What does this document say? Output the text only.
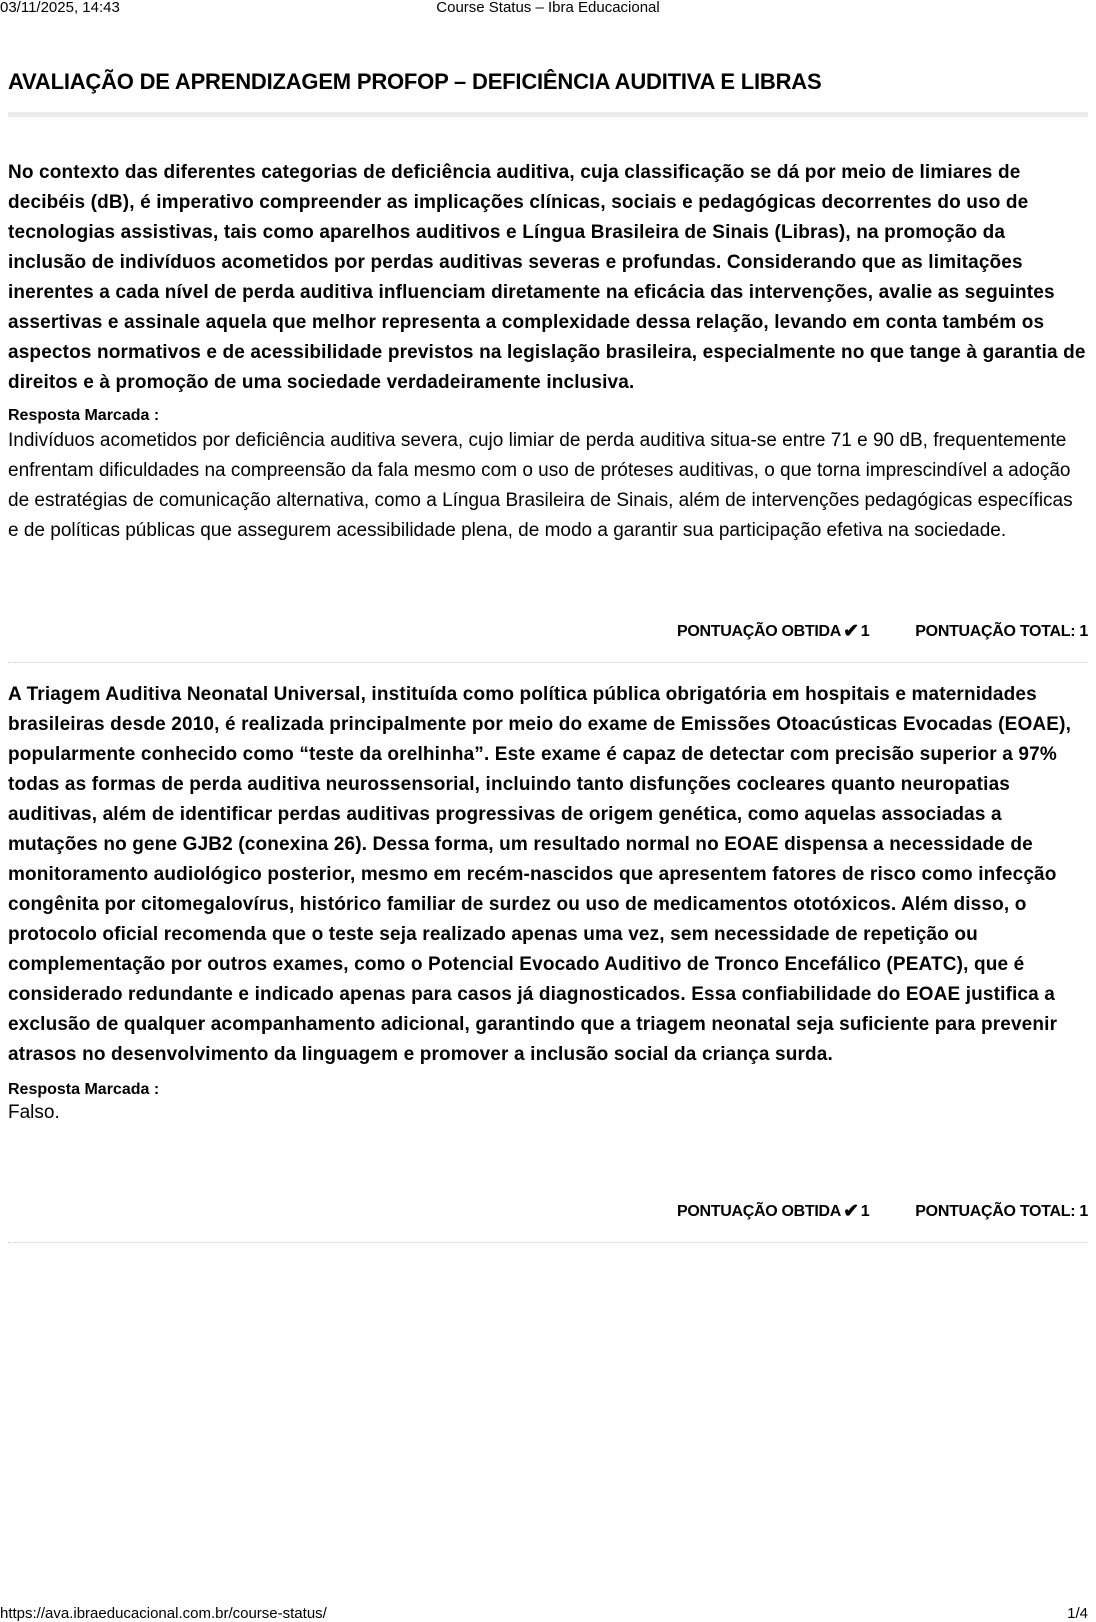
03/11/2025, 14:43	Course Status – Ibra Educacional
AVALIAÇÃO DE APRENDIZAGEM PROFOP – DEFICIÊNCIA AUDITIVA E LIBRAS

No contexto das diferentes categorias de deficiência auditiva, cuja classificação se dá por meio de limiares de decibéis (dB), é imperativo compreender as implicações clínicas, sociais e pedagógicas decorrentes do uso de tecnologias assistivas, tais como aparelhos auditivos e Língua Brasileira de Sinais (Libras), na promoção da inclusão de indivíduos acometidos por perdas auditivas severas e profundas. Considerando que as limitações inerentes a cada nível de perda auditiva influenciam diretamente na eficácia das intervenções, avalie as seguintes assertivas e assinale aquela que melhor representa a complexidade dessa relação, levando em conta também os aspectos normativos e de acessibilidade previstos na legislação brasileira, especialmente no que tange à garantia de direitos e à promoção de uma sociedade verdadeiramente inclusiva.

Resposta Marcada :

Indivíduos acometidos por deficiência auditiva severa, cujo limiar de perda auditiva situa-se entre 71 e 90 dB, frequentemente enfrentam dificuldades na compreensão da fala mesmo com o uso de próteses auditivas, o que torna imprescindível a adoção de estratégias de comunicação alternativa, como a Língua Brasileira de Sinais, além de intervenções pedagógicas específicas e de políticas públicas que assegurem acessibilidade plena, de modo a garantir sua participação efetiva na sociedade.

PONTUAÇÃO OBTIDA ✔ 1	PONTUAÇÃO TOTAL: 1

A Triagem Auditiva Neonatal Universal, instituída como política pública obrigatória em hospitais e maternidades brasileiras desde 2010, é realizada principalmente por meio do exame de Emissões Otoacústicas Evocadas (EOAE), popularmente conhecido como “teste da orelhinha”. Este exame é capaz de detectar com precisão superior a 97% todas as formas de perda auditiva neurossensorial, incluindo tanto disfunções cocleares quanto neuropatias auditivas, além de identificar perdas auditivas progressivas de origem genética, como aquelas associadas a mutações no gene GJB2 (conexina 26). Dessa forma, um resultado normal no EOAE dispensa a necessidade de monitoramento audiológico posterior, mesmo em recém-nascidos que apresentem fatores de risco como infecção congênita por citomegalovírus, histórico familiar de surdez ou uso de medicamentos ototóxicos. Além disso, o protocolo oficial recomenda que o teste seja realizado apenas uma vez, sem necessidade de repetição ou complementação por outros exames, como o Potencial Evocado Auditivo de Tronco Encefálico (PEATC), que é considerado redundante e indicado apenas para casos já diagnosticados. Essa confiabilidade do EOAE justifica a exclusão de qualquer acompanhamento adicional, garantindo que a triagem neonatal seja suficiente para prevenir atrasos no desenvolvimento da linguagem e promover a inclusão social da criança surda.

Resposta Marcada :

Falso.

PONTUAÇÃO OBTIDA ✔ 1	PONTUAÇÃO TOTAL: 1
https://ava.ibraeducacional.com.br/course-status/	1/4
